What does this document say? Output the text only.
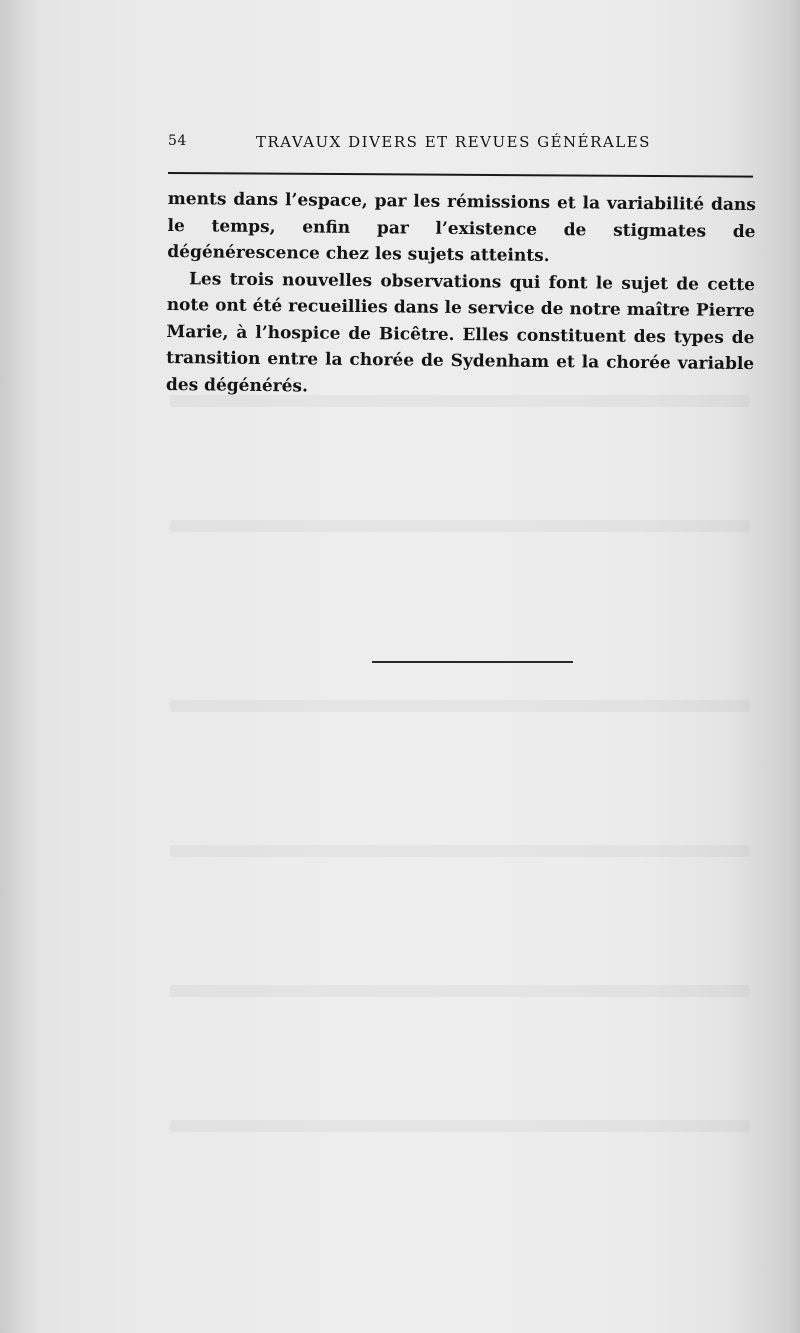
54	TRAVAUX DIVERS ET REVUES GÉNÉRALES

ments dans l’espace, par les rémissions et la variabilité dans le temps, enfin par l’existence de stigmates de dégénérescence chez les sujets atteints.

Les trois nouvelles observations qui font le sujet de cette note ont été recueillies dans le service de notre maître Pierre Marie, à l’hospice de Bicêtre. Elles constituent des types de transition entre la chorée de Sydenham et la chorée variable des dégénérés.
